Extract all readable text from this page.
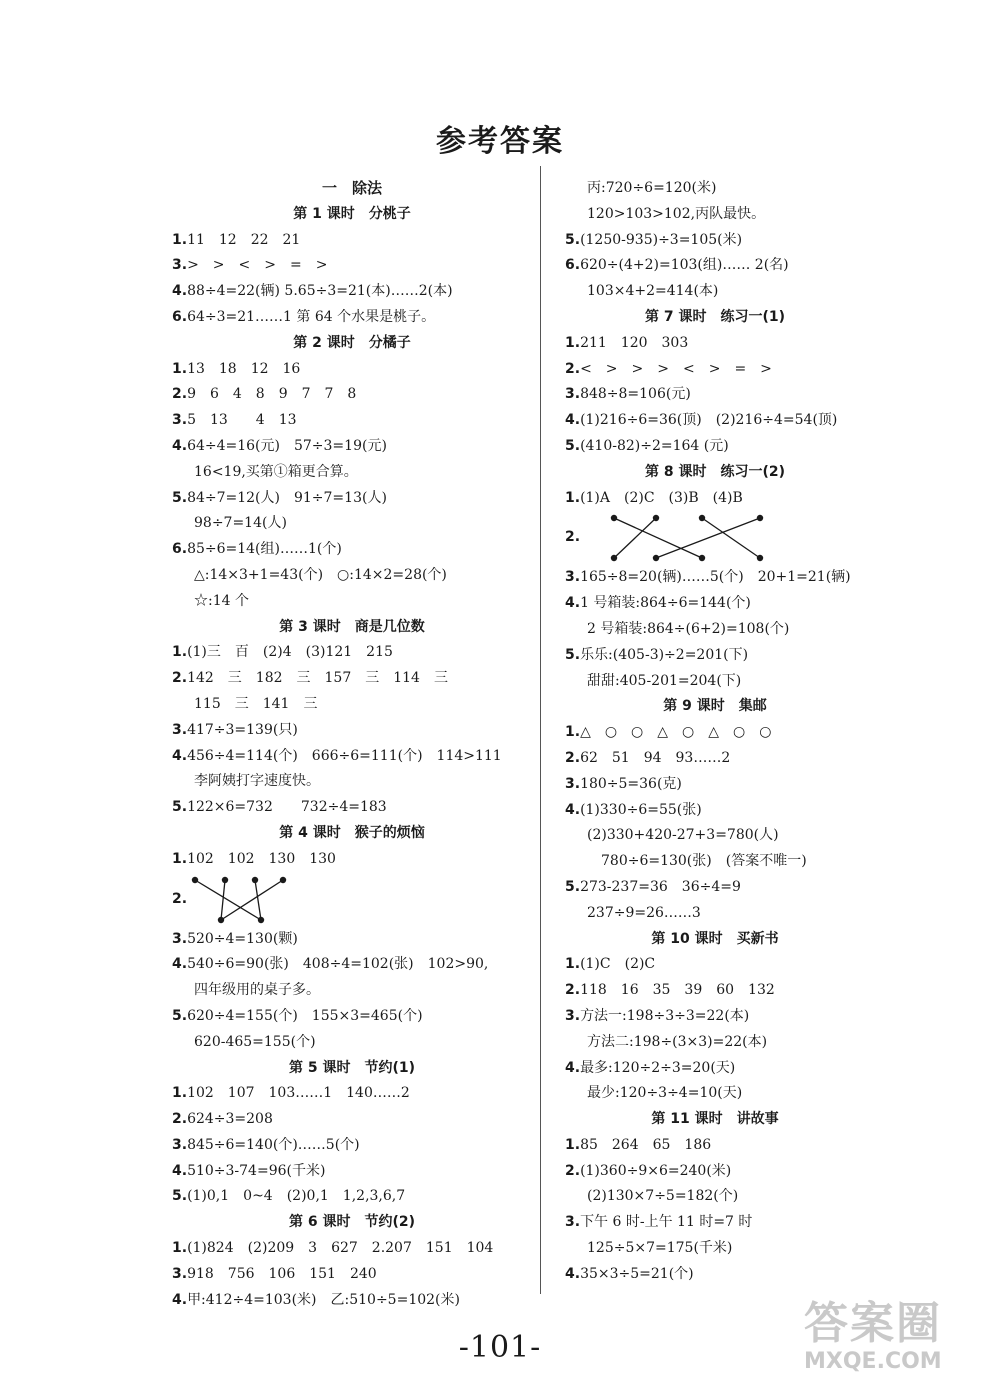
参考答案
一　除法
第 1 课时　分桃子
1.11　12　22　21
3.>　>　<　>　=　>
4.88÷4=22(辆) 5.65÷3=21(本)……2(本)
6.64÷3=21……1 第 64 个水果是桃子。
第 2 课时　分橘子
1.13　18　12　16
2.9　6　4　8　9　7　7　8
3.5　13　　4　13
4.64÷4=16(元)　57÷3=19(元)
16<19,买第①箱更合算。
5.84÷7=12(人)　91÷7=13(人)
98÷7=14(人)
6.85÷6=14(组)……1(个)
△:14×3+1=43(个)　○:14×2=28(个)
☆:14 个
第 3 课时　商是几位数
1.(1)三　百　(2)4　(3)121　215
2.142　三　182　三　157　三　114　三
115　三　141　三
3.417÷3=139(只)
4.456÷4=114(个)　666÷6=111(个)　114>111
李阿姨打字速度快。
5.122×6=732　　732÷4=183
第 4 课时　猴子的烦恼
1.102　102　130　130
2.
3.520÷4=130(颗)
4.540÷6=90(张)　408÷4=102(张)　102>90,
四年级用的桌子多。
5.620÷4=155(个)　155×3=465(个)
620-465=155(个)
第 5 课时　节约(1)
1.102　107　103……1　140……2
2.624÷3=208
3.845÷6=140(个)……5(个)
4.510÷3-74=96(千米)
5.(1)0,1　0~4　(2)0,1　1,2,3,6,7
第 6 课时　节约(2)
1.(1)824　(2)209　3　627　2.207　151　104
3.918　756　106　151　240
4.甲:412÷4=103(米)　乙:510÷5=102(米)
丙:720÷6=120(米)
120>103>102,丙队最快。
5.(1250-935)÷3=105(米)
6.620÷(4+2)=103(组)…… 2(名)
103×4+2=414(本)
第 7 课时　练习一(1)
1.211　120　303
2.<　>　>　>　<　>　=　>
3.848÷8=106(元)
4.(1)216÷6=36(顶)　(2)216÷4=54(顶)
5.(410-82)÷2=164 (元)
第 8 课时　练习一(2)
1.(1)A　(2)C　(3)B　(4)B
2.
3.165÷8=20(辆)……5(个)　20+1=21(辆)
4.1 号箱装:864÷6=144(个)
2 号箱装:864÷(6+2)=108(个)
5.乐乐:(405-3)÷2=201(下)
甜甜:405-201=204(下)
第 9 课时　集邮
1.△　○　○　△　○　△　○　○
2.62　51　94　93……2
3.180÷5=36(克)
4.(1)330÷6=55(张)
(2)330+420-27+3=780(人)
　780÷6=130(张)　(答案不唯一)
5.273-237=36　36÷4=9
237÷9=26……3
第 10 课时　买新书
1.(1)C　(2)C
2.118　16　35　39　60　132
3.方法一:198÷3÷3=22(本)
方法二:198÷(3×3)=22(本)
4.最多:120÷2÷3=20(天)
最少:120÷3÷4=10(天)
第 11 课时　讲故事
1.85　264　65　186
2.(1)360÷9×6=240(米)
(2)130×7÷5=182(个)
3.下午 6 时-上午 11 时=7 时
125÷5×7=175(千米)
4.35×3÷5=21(个)
-101-	答案圈
MXQE.COM
